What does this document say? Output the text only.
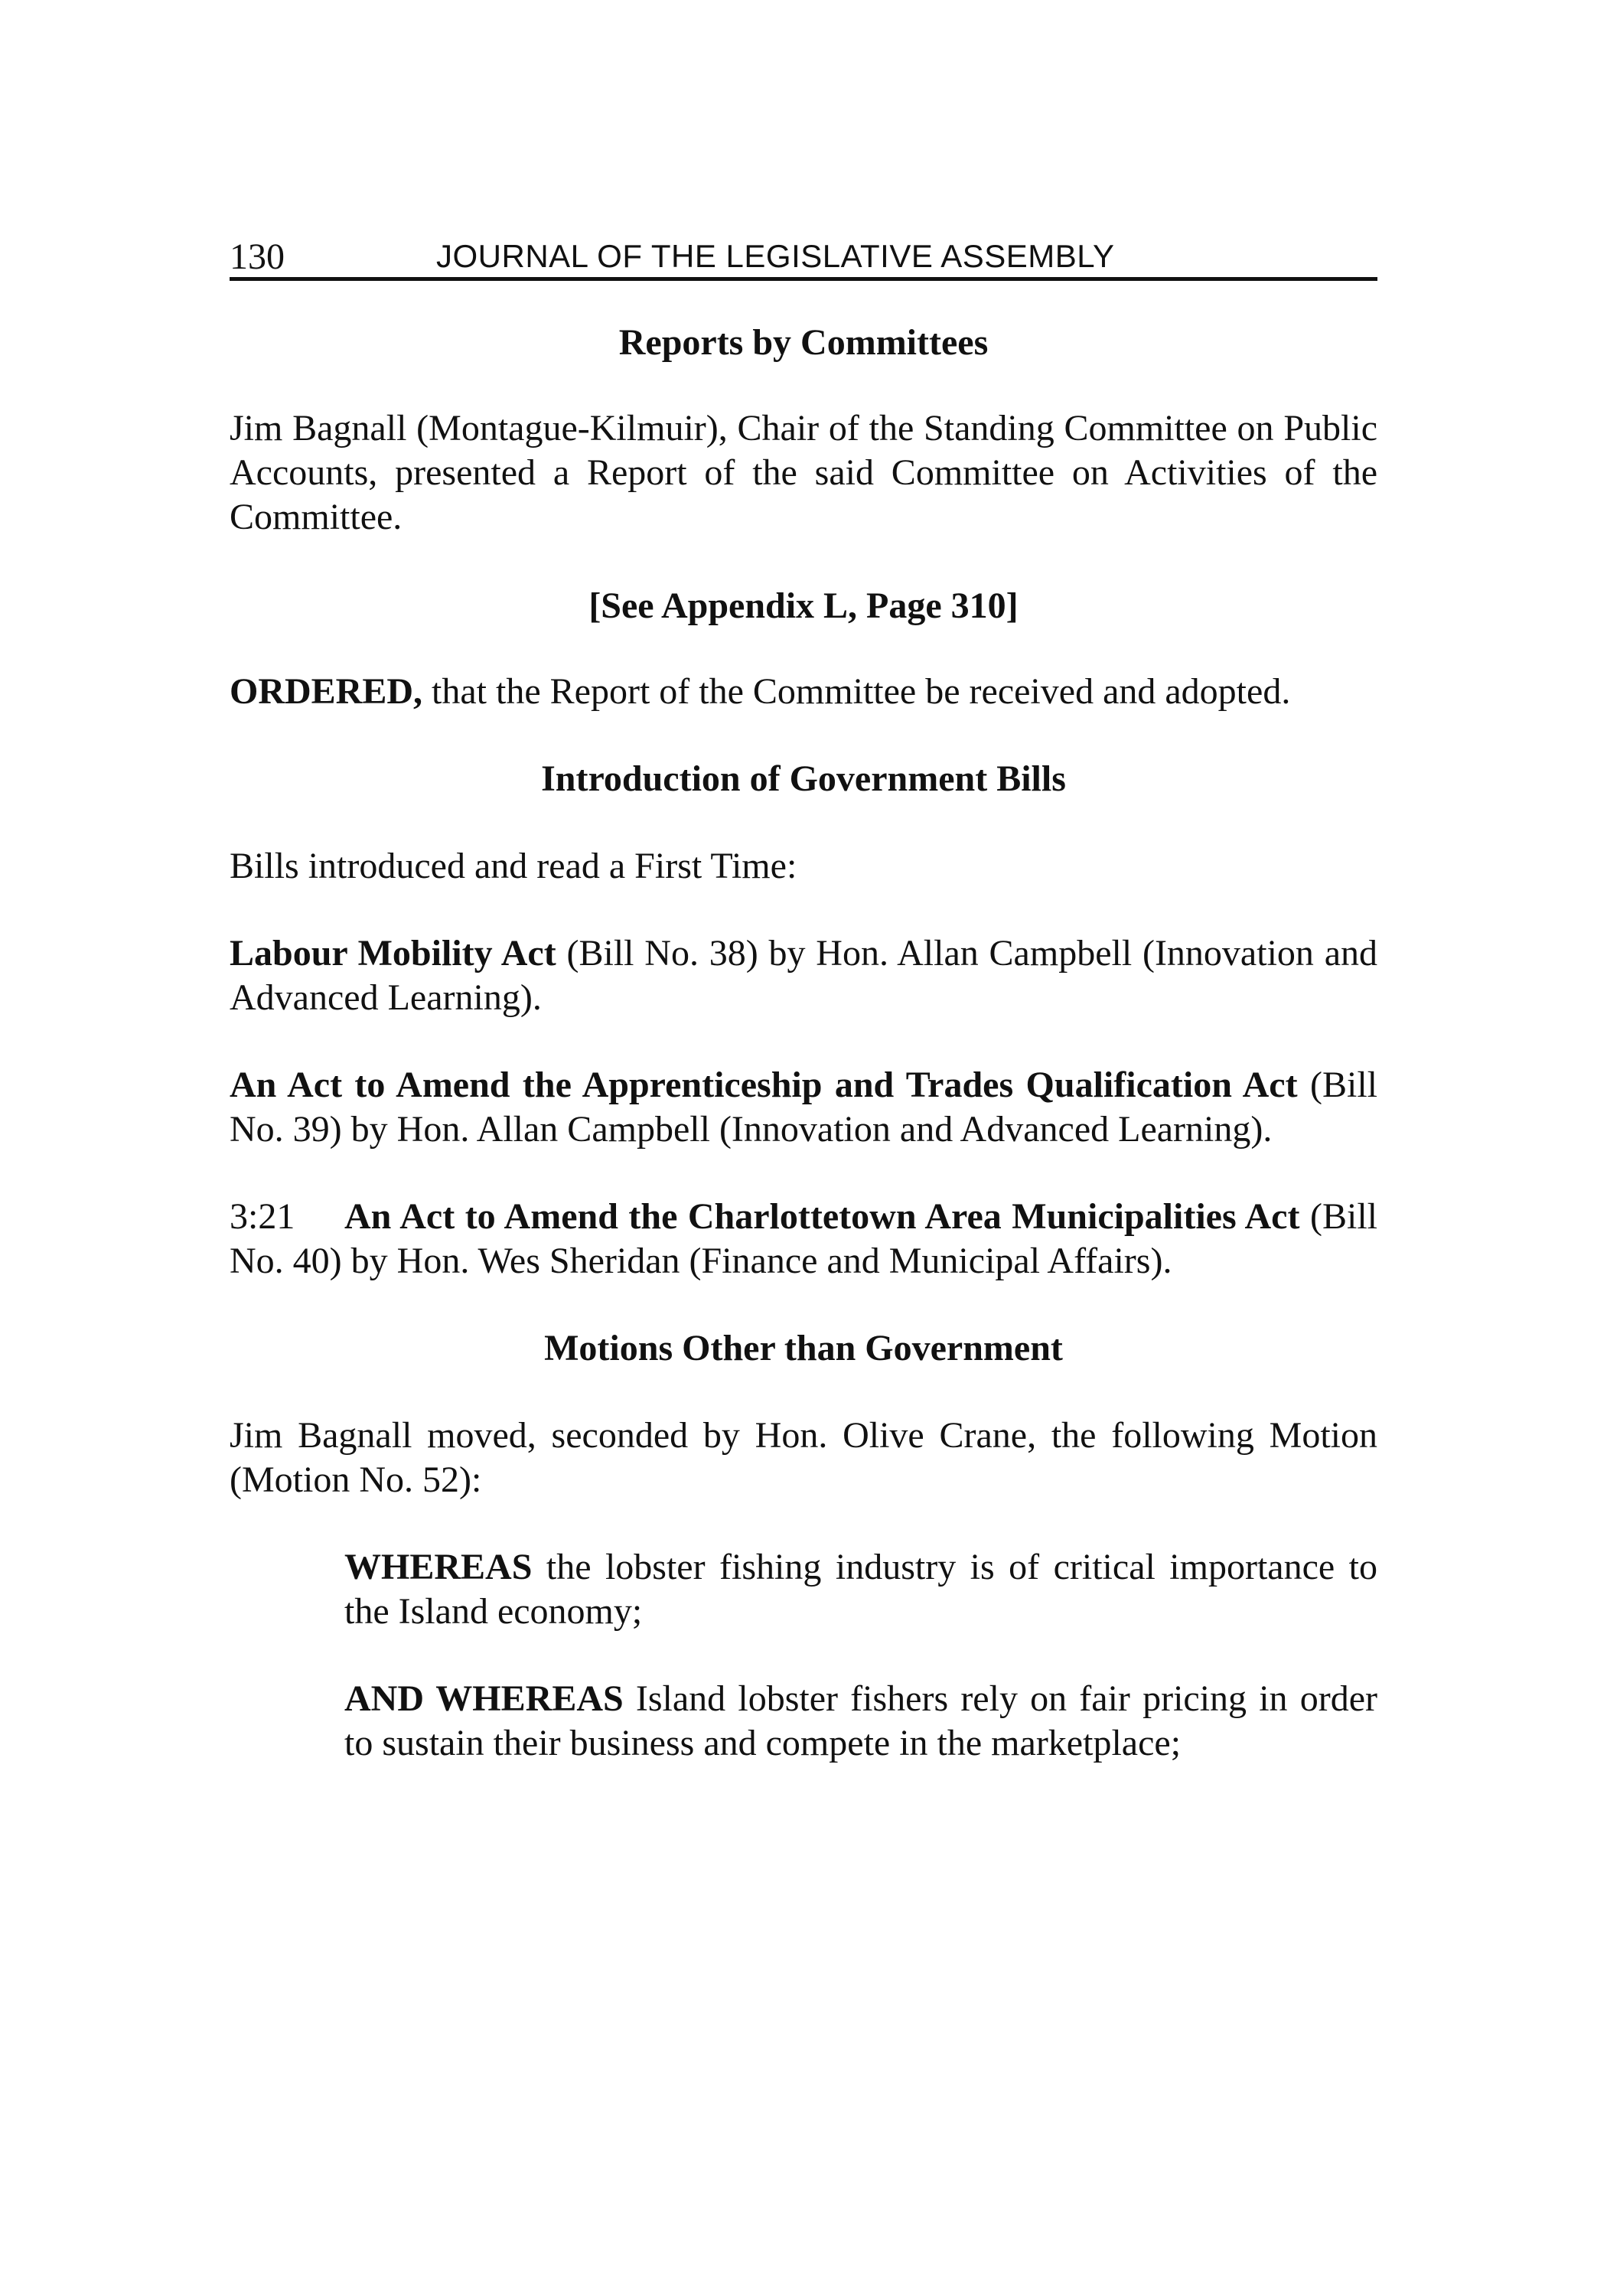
130	JOURNAL OF THE LEGISLATIVE ASSEMBLY
Reports by Committees

Jim Bagnall (Montague-Kilmuir), Chair of the Standing Committee on Public Accounts, presented a Report of the said Committee on Activities of the Committee.

[See Appendix L, Page 310]

ORDERED, that the Report of the Committee be received and adopted.

Introduction of Government Bills

Bills introduced and read a First Time:

Labour Mobility Act (Bill No. 38) by Hon. Allan Campbell (Innovation and Advanced Learning).

An Act to Amend the Apprenticeship and Trades Qualification Act (Bill No. 39) by Hon. Allan Campbell (Innovation and Advanced Learning).

3:21 An Act to Amend the Charlottetown Area Municipalities Act (Bill No. 40) by Hon. Wes Sheridan (Finance and Municipal Affairs).

Motions Other than Government

Jim Bagnall moved, seconded by Hon. Olive Crane, the following Motion (Motion No. 52):

WHEREAS the lobster fishing industry is of critical importance to the Island economy;

AND WHEREAS Island lobster fishers rely on fair pricing in order to sustain their business and compete in the marketplace;
